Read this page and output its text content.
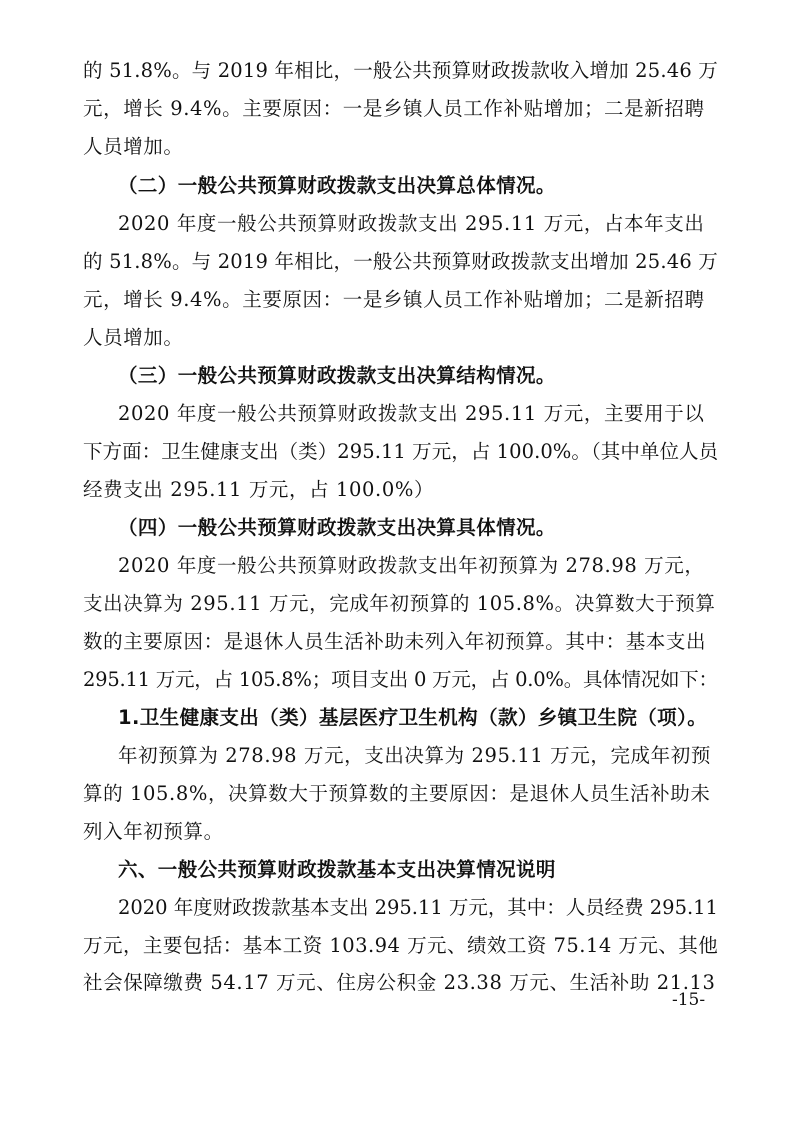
的 51.8%。与 2019 年相比，一般公共预算财政拨款收入增加 25.46 万
元，增长 9.4%。主要原因：一是乡镇人员工作补贴增加；二是新招聘
人员增加。
（二）一般公共预算财政拨款支出决算总体情况。
2020 年度一般公共预算财政拨款支出 295.11 万元，占本年支出
的 51.8%。与 2019 年相比，一般公共预算财政拨款支出增加 25.46 万
元，增长 9.4%。主要原因：一是乡镇人员工作补贴增加；二是新招聘
人员增加。
（三）一般公共预算财政拨款支出决算结构情况。
2020 年度一般公共预算财政拨款支出 295.11 万元，主要用于以
下方面：卫生健康支出（类）295.11 万元，占 100.0%。（其中单位人员
经费支出 295.11 万元，占 100.0%）
（四）一般公共预算财政拨款支出决算具体情况。
2020 年度一般公共预算财政拨款支出年初预算为 278.98 万元，
支出决算为 295.11 万元，完成年初预算的 105.8%。决算数大于预算
数的主要原因：是退休人员生活补助未列入年初预算。其中：基本支出
295.11 万元，占 105.8%；项目支出 0 万元，占 0.0%。具体情况如下：
1.卫生健康支出（类）基层医疗卫生机构（款）乡镇卫生院（项）。
年初预算为 278.98 万元，支出决算为 295.11 万元，完成年初预
算的 105.8%，决算数大于预算数的主要原因：是退休人员生活补助未
列入年初预算。
六、一般公共预算财政拨款基本支出决算情况说明
2020 年度财政拨款基本支出 295.11 万元，其中：人员经费 295.11
万元，主要包括：基本工资 103.94 万元、绩效工资 75.14 万元、其他
社会保障缴费 54.17 万元、住房公积金 23.38 万元、生活补助 21.13
-15-
